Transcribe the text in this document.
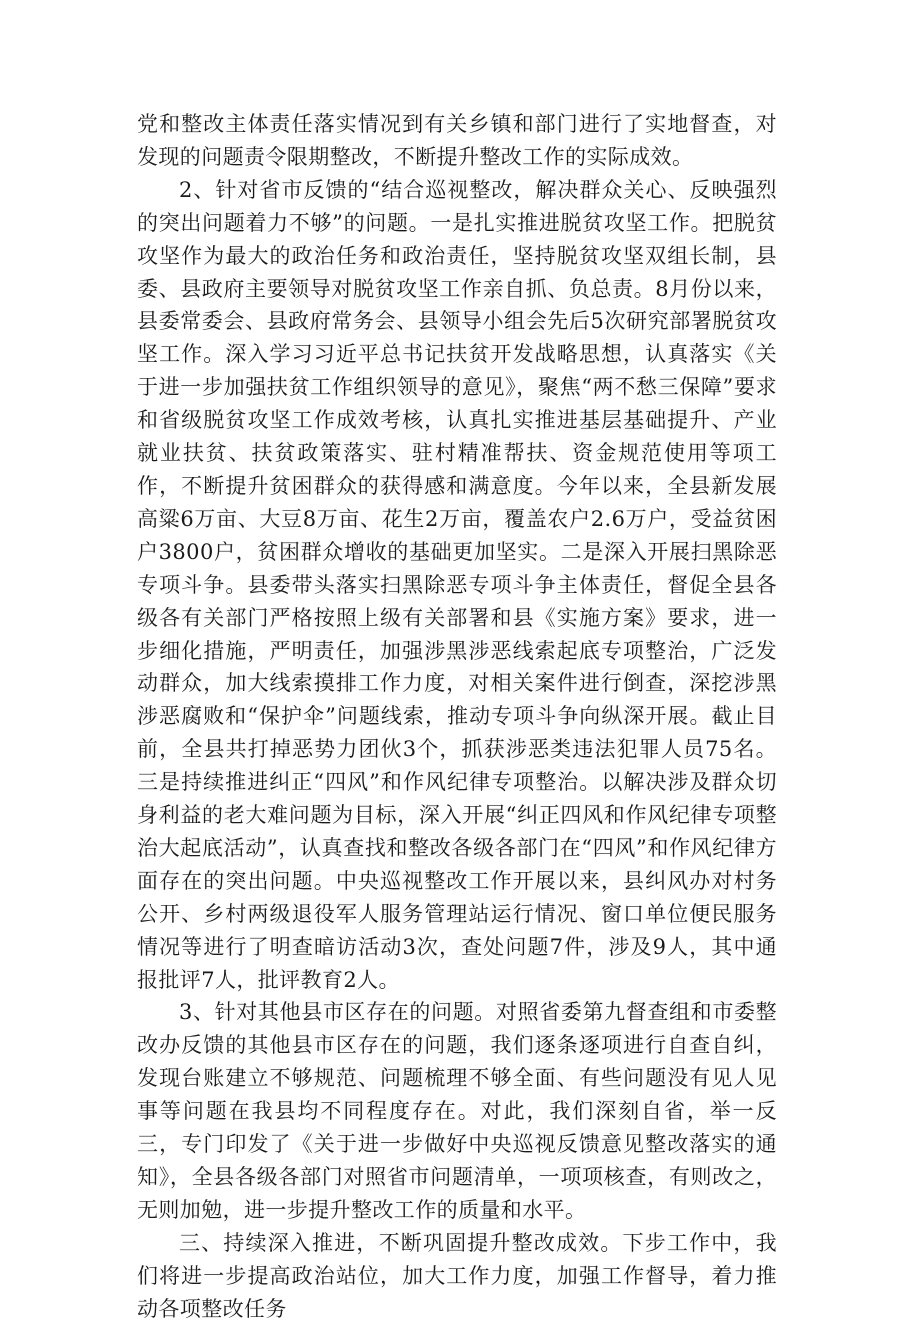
党和整改主体责任落实情况到有关乡镇和部门进行了实地督查，对发现的问题责令限期整改，不断提升整改工作的实际成效。

2、针对省市反馈的“结合巡视整改，解决群众关心、反映强烈的突出问题着力不够”的问题。一是扎实推进脱贫攻坚工作。把脱贫攻坚作为最大的政治任务和政治责任，坚持脱贫攻坚双组长制，县委、县政府主要领导对脱贫攻坚工作亲自抓、负总责。8月份以来，县委常委会、县政府常务会、县领导小组会先后5次研究部署脱贫攻坚工作。深入学习习近平总书记扶贫开发战略思想，认真落实《关于进一步加强扶贫工作组织领导的意见》，聚焦“两不愁三保障”要求和省级脱贫攻坚工作成效考核，认真扎实推进基层基础提升、产业就业扶贫、扶贫政策落实、驻村精准帮扶、资金规范使用等项工作，不断提升贫困群众的获得感和满意度。今年以来，全县新发展高粱6万亩、大豆8万亩、花生2万亩，覆盖农户2.6万户，受益贫困户3800户，贫困群众增收的基础更加坚实。二是深入开展扫黑除恶专项斗争。县委带头落实扫黑除恶专项斗争主体责任，督促全县各级各有关部门严格按照上级有关部署和县《实施方案》要求，进一步细化措施，严明责任，加强涉黑涉恶线索起底专项整治，广泛发动群众，加大线索摸排工作力度，对相关案件进行倒查，深挖涉黑涉恶腐败和“保护伞”问题线索，推动专项斗争向纵深开展。截止目前，全县共打掉恶势力团伙3个，抓获涉恶类违法犯罪人员75名。三是持续推进纠正“四风”和作风纪律专项整治。以解决涉及群众切身利益的老大难问题为目标，深入开展“纠正四风和作风纪律专项整治大起底活动”，认真查找和整改各级各部门在“四风”和作风纪律方面存在的突出问题。中央巡视整改工作开展以来，县纠风办对村务公开、乡村两级退役军人服务管理站运行情况、窗口单位便民服务情况等进行了明查暗访活动3次，查处问题7件，涉及9人，其中通报批评7人，批评教育2人。

3、针对其他县市区存在的问题。对照省委第九督查组和市委整改办反馈的其他县市区存在的问题，我们逐条逐项进行自查自纠，发现台账建立不够规范、问题梳理不够全面、有些问题没有见人见事等问题在我县均不同程度存在。对此，我们深刻自省，举一反三，专门印发了《关于进一步做好中央巡视反馈意见整改落实的通知》，全县各级各部门对照省市问题清单，一项项核查，有则改之，无则加勉，进一步提升整改工作的质量和水平。

三、持续深入推进，不断巩固提升整改成效。下步工作中，我们将进一步提高政治站位，加大工作力度，加强工作督导，着力推动各项整改任务
